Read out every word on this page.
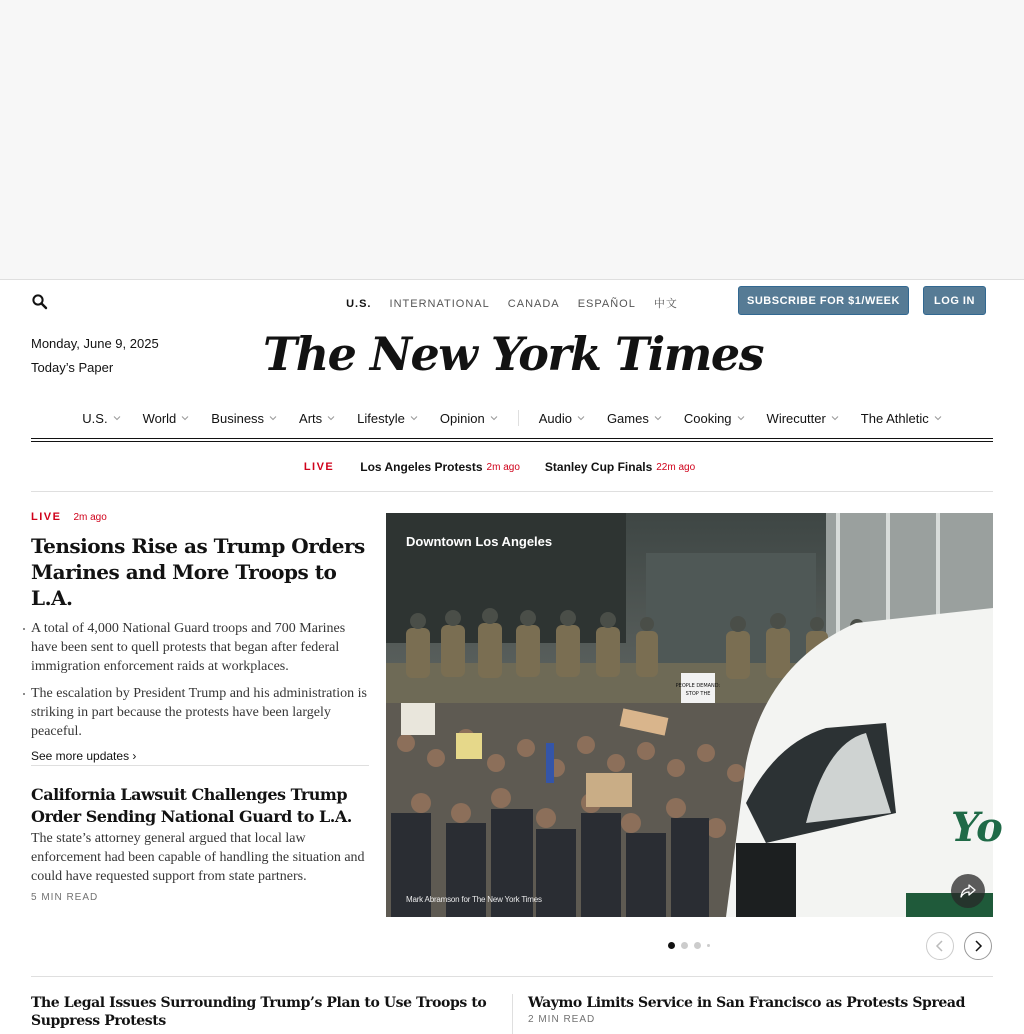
U.S. INTERNATIONAL CANADA ESPAÑOL 中文	SUBSCRIBE FOR $1/WEEK	LOG IN
Monday, June 9, 2025
Today’s Paper	The New York Times
U.S.	World	Business	Arts	Lifestyle	Opinion	Audio	Games	Cooking	Wirecutter	The Athletic
LIVE Los Angeles Protests 2m ago Stanley Cup Finals 22m ago
LIVE 2m ago
Tensions Rise as Trump Orders Marines and More Troops to L.A.
A total of 4,000 National Guard troops and 700 Marines have been sent to quell protests that began after federal immigration enforcement raids at workplaces.
The escalation by President Trump and his administration is striking in part because the protests have been largely peaceful.
See more updates ›
California Lawsuit Challenges Trump Order Sending National Guard to L.A.
The state’s attorney general argued that local law enforcement had been capable of handling the situation and could have requested support from state partners.
5 MIN READ
PEOPLE DEMAND:
STOP THE
Yo
Downtown Los Angeles
Mark Abramson for The New York Times
The Legal Issues Surrounding Trump’s Plan to Use Troops to Suppress Protests
Waymo Limits Service in San Francisco as Protests Spread
2 MIN READ
